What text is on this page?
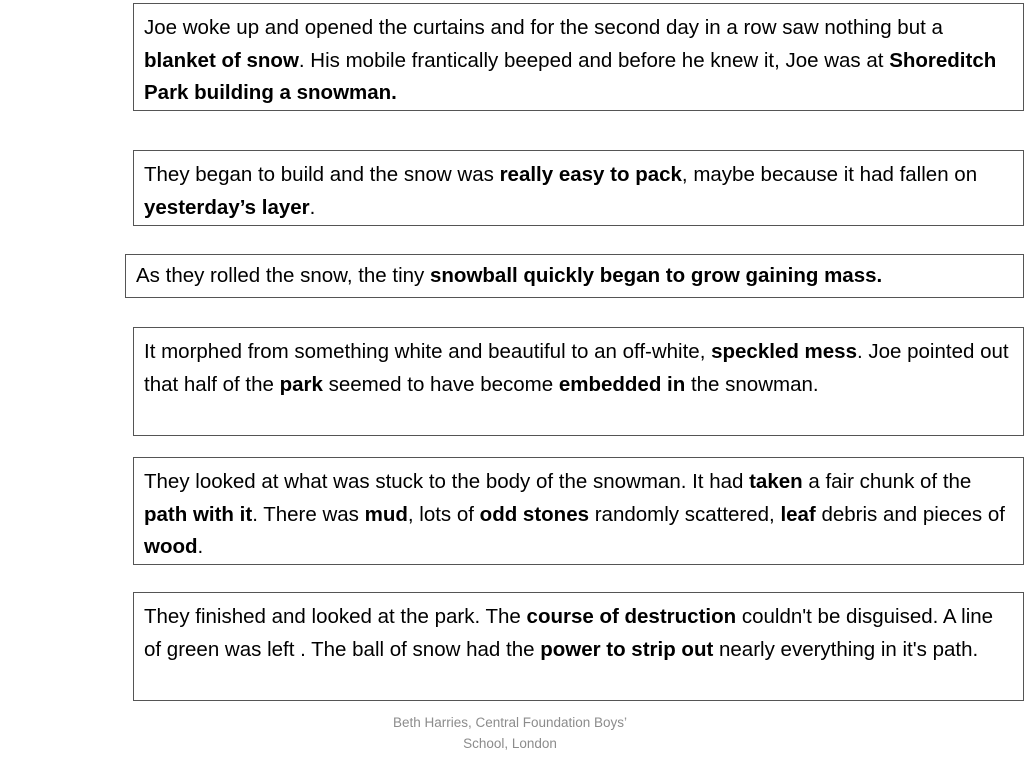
Joe woke up and opened the curtains and for the second day in a row saw nothing but a blanket of snow. His mobile frantically beeped and before he knew it, Joe was at Shoreditch Park building a snowman.
They began to build and the snow was really easy to pack, maybe because it had fallen on yesterday’s layer.
As they rolled the snow, the tiny snowball quickly began to grow gaining mass.
It morphed from something white and beautiful to an off-white, speckled mess. Joe pointed out that half of the park seemed to have become embedded in the snowman.
They looked at what was stuck to the body of the snowman. It had taken a fair chunk of the path with it. There was mud, lots of odd stones randomly scattered, leaf debris and pieces of wood.
They finished and looked at the park. The course of destruction couldn't be disguised. A line of green was left . The ball of snow had the power to strip out nearly everything in it's path.
Beth Harries, Central Foundation Boys’
School, London
